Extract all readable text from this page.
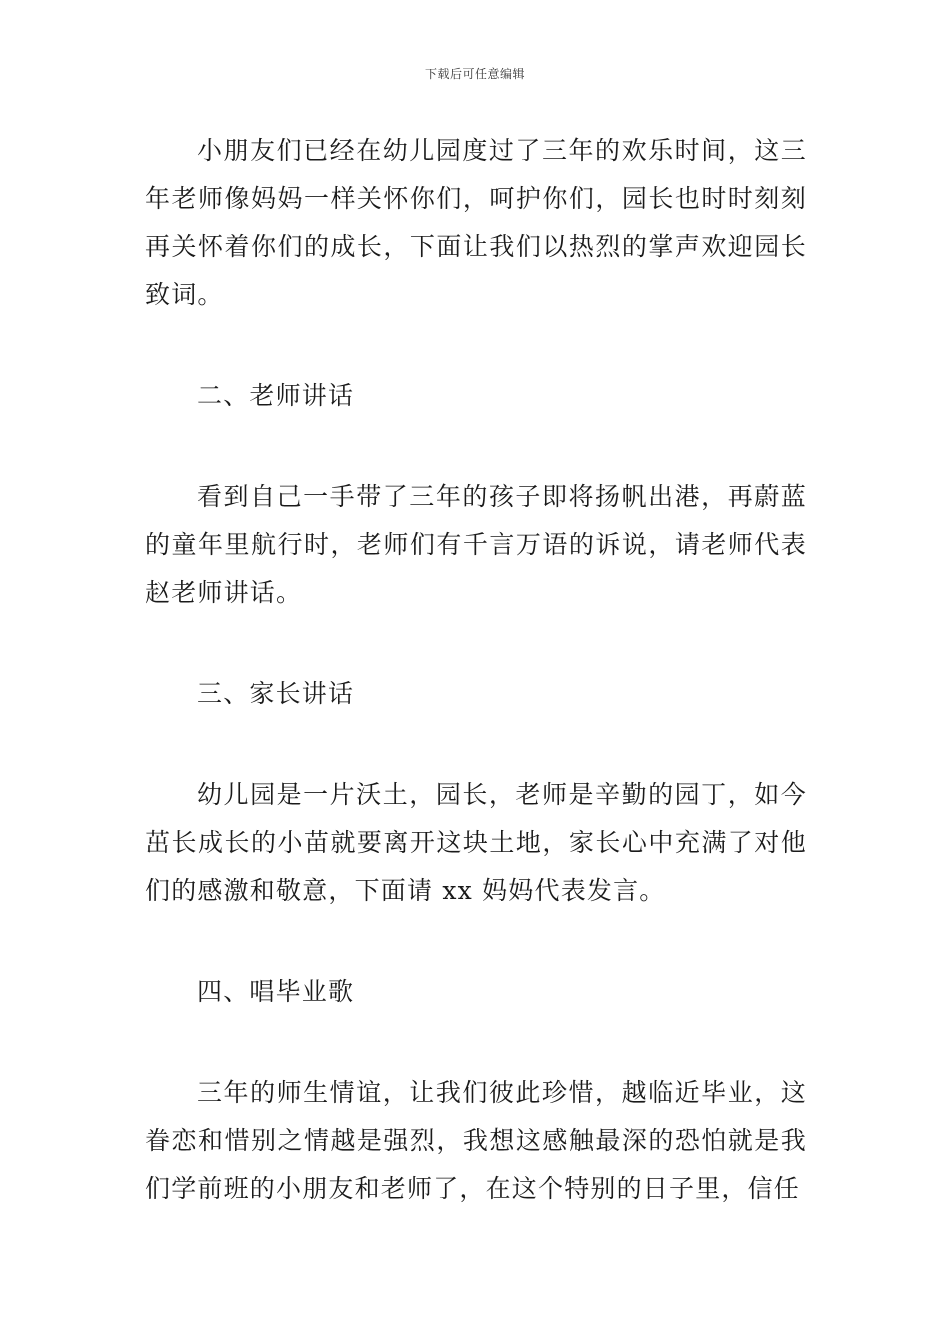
下载后可任意编辑

小朋友们已经在幼儿园度过了三年的欢乐时间，这三年老师像妈妈一样关怀你们，呵护你们，园长也时时刻刻再关怀着你们的成长，下面让我们以热烈的掌声欢迎园长致词。

二、老师讲话

看到自己一手带了三年的孩子即将扬帆出港，再蔚蓝的童年里航行时，老师们有千言万语的诉说，请老师代表赵老师讲话。

三、家长讲话

幼儿园是一片沃土，园长，老师是辛勤的园丁，如今茁长成长的小苗就要离开这块土地，家长心中充满了对他们的感激和敬意，下面请 xx 妈妈代表发言。

四、唱毕业歌

三年的师生情谊，让我们彼此珍惜，越临近毕业，这眷恋和惜别之情越是强烈，我想这感触最深的恐怕就是我们学前班的小朋友和老师了，在这个特别的日子里，信任
